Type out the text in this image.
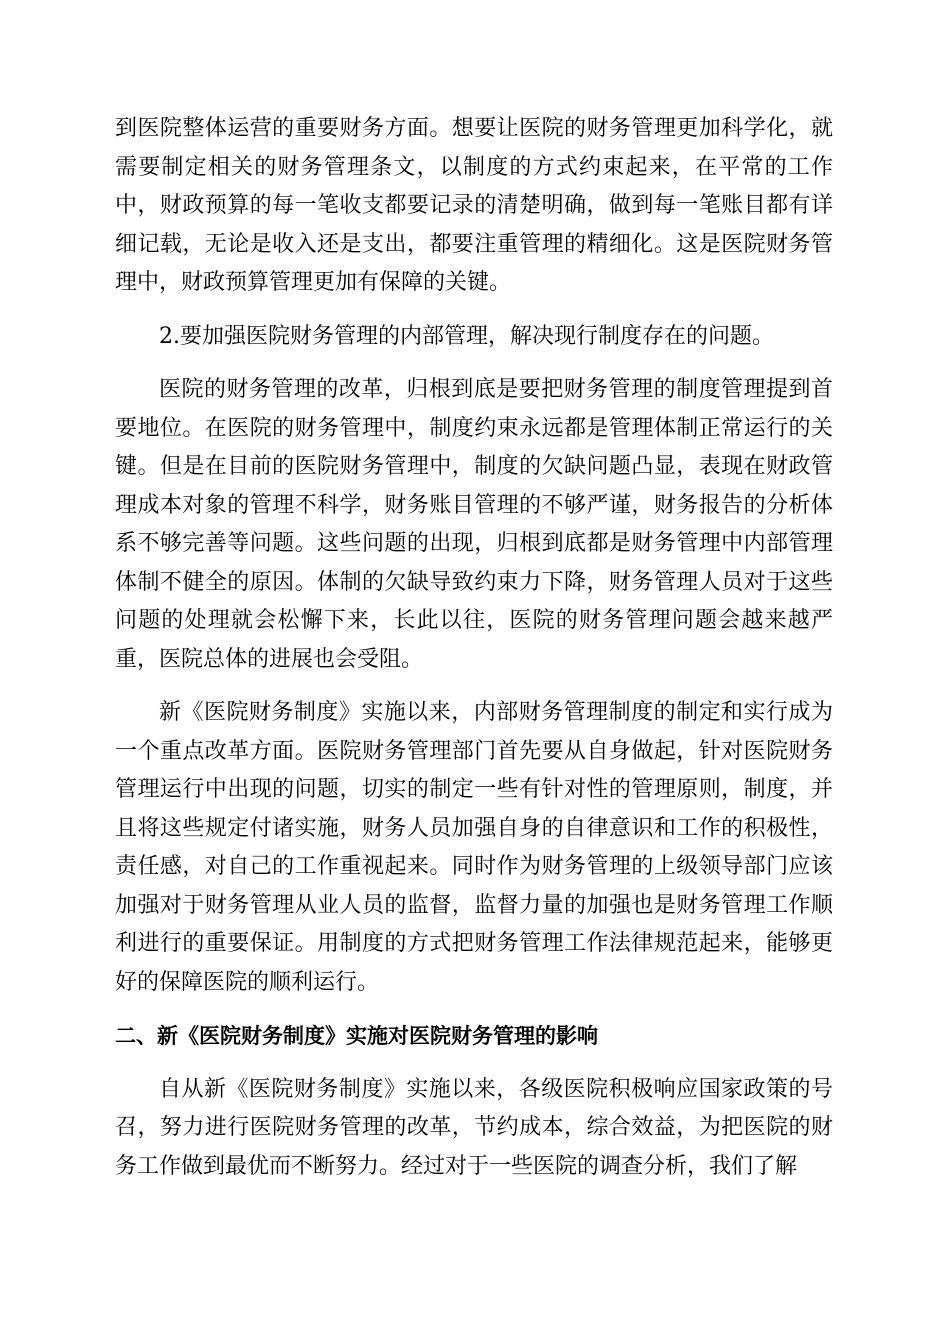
到医院整体运营的重要财务方面。想要让医院的财务管理更加科学化，就需要制定相关的财务管理条文，以制度的方式约束起来，在平常的工作中，财政预算的每一笔收支都要记录的清楚明确，做到每一笔账目都有详细记载，无论是收入还是支出，都要注重管理的精细化。这是医院财务管理中，财政预算管理更加有保障的关键。

2.要加强医院财务管理的内部管理，解决现行制度存在的问题。

医院的财务管理的改革，归根到底是要把财务管理的制度管理提到首要地位。在医院的财务管理中，制度约束永远都是管理体制正常运行的关键。但是在目前的医院财务管理中，制度的欠缺问题凸显，表现在财政管理成本对象的管理不科学，财务账目管理的不够严谨，财务报告的分析体系不够完善等问题。这些问题的出现，归根到底都是财务管理中内部管理体制不健全的原因。体制的欠缺导致约束力下降，财务管理人员对于这些问题的处理就会松懈下来，长此以往，医院的财务管理问题会越来越严重，医院总体的进展也会受阻。

新《医院财务制度》实施以来，内部财务管理制度的制定和实行成为一个重点改革方面。医院财务管理部门首先要从自身做起，针对医院财务管理运行中出现的问题，切实的制定一些有针对性的管理原则，制度，并且将这些规定付诸实施，财务人员加强自身的自律意识和工作的积极性，责任感，对自己的工作重视起来。同时作为财务管理的上级领导部门应该加强对于财务管理从业人员的监督，监督力量的加强也是财务管理工作顺利进行的重要保证。用制度的方式把财务管理工作法律规范起来，能够更好的保障医院的顺利运行。

二、新《医院财务制度》实施对医院财务管理的影响

自从新《医院财务制度》实施以来，各级医院积极响应国家政策的号召，努力进行医院财务管理的改革，节约成本，综合效益，为把医院的财务工作做到最优而不断努力。经过对于一些医院的调查分析，我们了解
